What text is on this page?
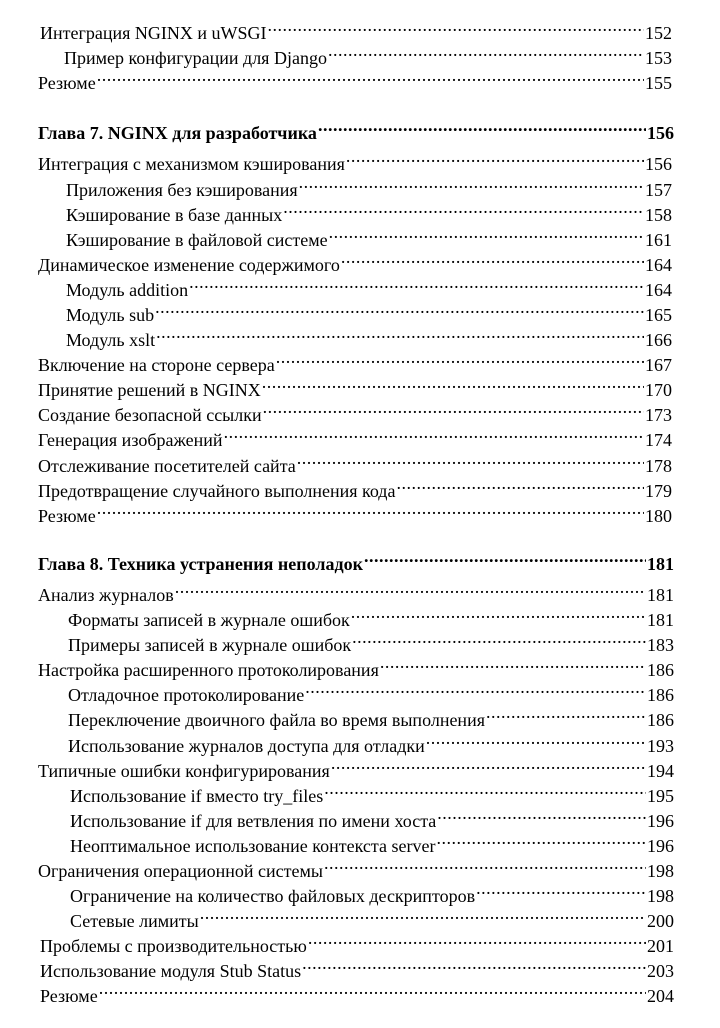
Интеграция NGINX и uWSGI .....	152
Пример конфигурации для Django .....	153
Резюме .....	155
Глава 7. NGINX для разработчика .....	156
Интеграция с механизмом кэширования .....	156
Приложения без кэширования .....	157
Кэширование в базе данных .....	158
Кэширование в файловой системе .....	161
Динамическое изменение содержимого .....	164
Модуль addition .....	164
Модуль sub .....	165
Модуль xslt .....	166
Включение на стороне сервера .....	167
Принятие решений в NGINX .....	170
Создание безопасной ссылки .....	173
Генерация изображений .....	174
Отслеживание посетителей сайта .....	178
Предотвращение случайного выполнения кода .....	179
Резюме .....	180
Глава 8. Техника устранения неполадок .....	181
Анализ журналов .....	181
Форматы записей в журнале ошибок .....	181
Примеры записей в журнале ошибок .....	183
Настройка расширенного протоколирования .....	186
Отладочное протоколирование .....	186
Переключение двоичного файла во время выполнения .....	186
Использование журналов доступа для отладки .....	193
Типичные ошибки конфигурирования .....	194
Использование if вместо try_files .....	195
Использование if для ветвления по имени хоста .....	196
Неоптимальное использование контекста server .....	196
Ограничения операционной системы .....	198
Ограничение на количество файловых дескрипторов .....	198
Сетевые лимиты .....	200
Проблемы с производительностью .....	201
Использование модуля Stub Status .....	203
Резюме .....	204
